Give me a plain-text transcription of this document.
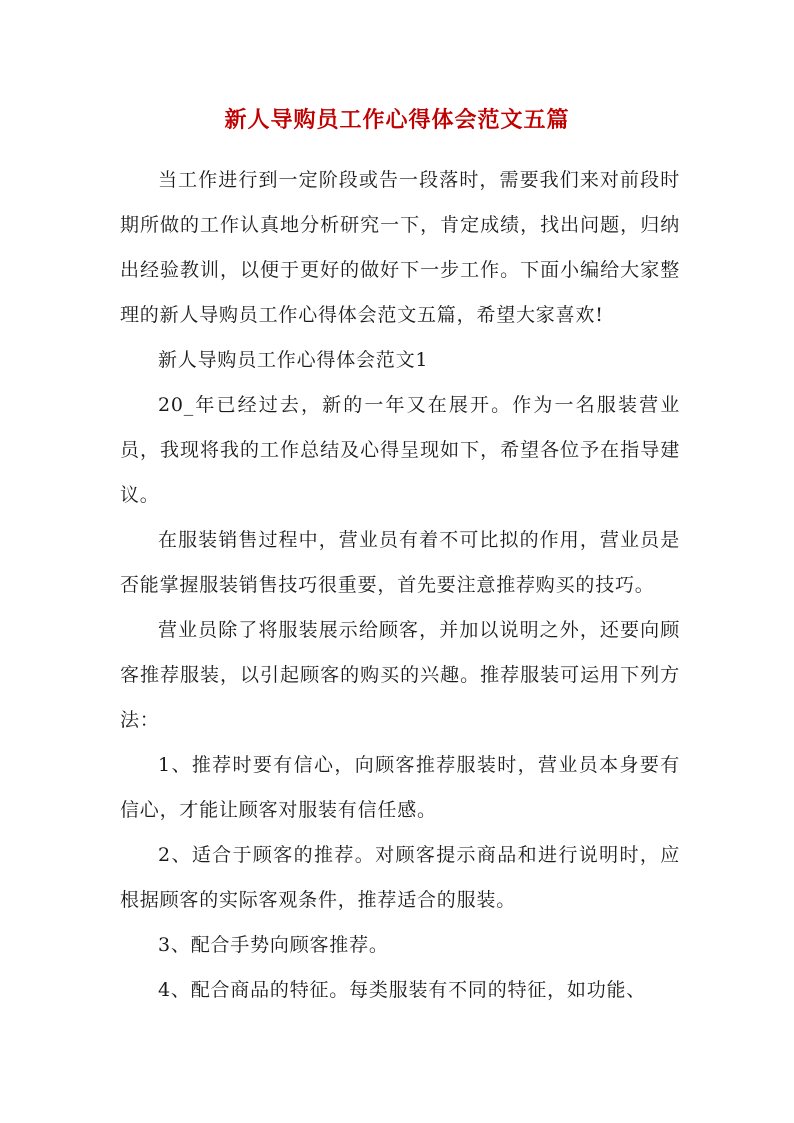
新人导购员工作心得体会范文五篇

当工作进行到一定阶段或告一段落时，需要我们来对前段时期所做的工作认真地分析研究一下，肯定成绩，找出问题，归纳出经验教训，以便于更好的做好下一步工作。下面小编给大家整理的新人导购员工作心得体会范文五篇，希望大家喜欢!

新人导购员工作心得体会范文1

20_年已经过去，新的一年又在展开。作为一名服装营业员，我现将我的工作总结及心得呈现如下，希望各位予在指导建议。

在服装销售过程中，营业员有着不可比拟的作用，营业员是否能掌握服装销售技巧很重要，首先要注意推荐购买的技巧。

营业员除了将服装展示给顾客，并加以说明之外，还要向顾客推荐服装，以引起顾客的购买的兴趣。推荐服装可运用下列方法：

1、推荐时要有信心，向顾客推荐服装时，营业员本身要有信心，才能让顾客对服装有信任感。

2、适合于顾客的推荐。对顾客提示商品和进行说明时，应根据顾客的实际客观条件，推荐适合的服装。

3、配合手势向顾客推荐。

4、配合商品的特征。每类服装有不同的特征，如功能、
